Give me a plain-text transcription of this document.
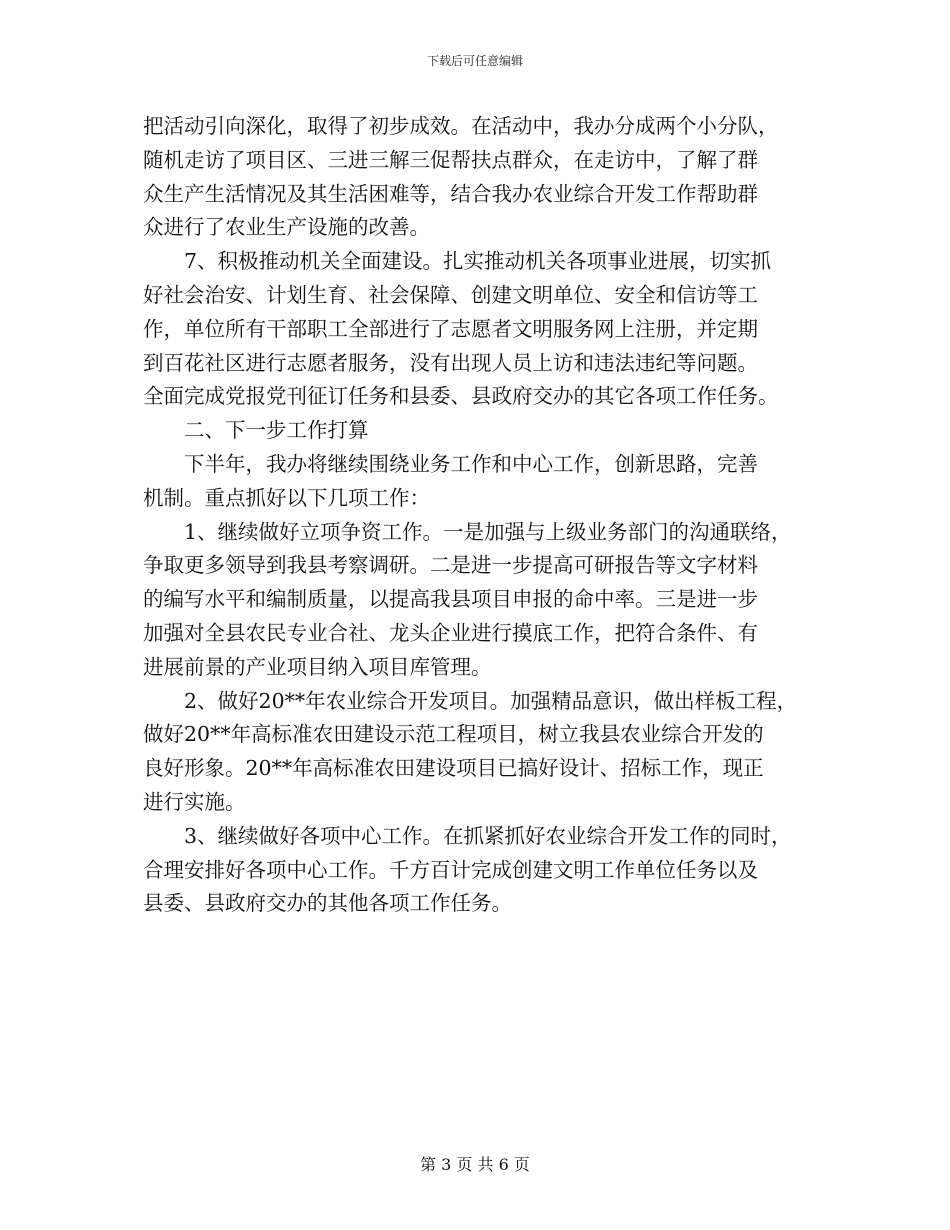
下载后可任意编辑
把活动引向深化，取得了初步成效。在活动中，我办分成两个小分队，
随机走访了项目区、三进三解三促帮扶点群众，在走访中，了解了群
众生产生活情况及其生活困难等，结合我办农业综合开发工作帮助群
众进行了农业生产设施的改善。
7、积极推动机关全面建设。扎实推动机关各项事业进展，切实抓
好社会治安、计划生育、社会保障、创建文明单位、安全和信访等工
作，单位所有干部职工全部进行了志愿者文明服务网上注册，并定期
到百花社区进行志愿者服务，没有出现人员上访和违法违纪等问题。
全面完成党报党刊征订任务和县委、县政府交办的其它各项工作任务。
二、下一步工作打算
下半年，我办将继续围绕业务工作和中心工作，创新思路，完善
机制。重点抓好以下几项工作：
1、继续做好立项争资工作。一是加强与上级业务部门的沟通联络，
争取更多领导到我县考察调研。二是进一步提高可研报告等文字材料
的编写水平和编制质量，以提高我县项目申报的命中率。三是进一步
加强对全县农民专业合社、龙头企业进行摸底工作，把符合条件、有
进展前景的产业项目纳入项目库管理。
2、做好20**年农业综合开发项目。加强精品意识，做出样板工程，
做好20**年高标准农田建设示范工程项目，树立我县农业综合开发的
良好形象。20**年高标准农田建设项目已搞好设计、招标工作，现正
进行实施。
3、继续做好各项中心工作。在抓紧抓好农业综合开发工作的同时，
合理安排好各项中心工作。千方百计完成创建文明工作单位任务以及
县委、县政府交办的其他各项工作任务。
第 3 页 共 6 页
